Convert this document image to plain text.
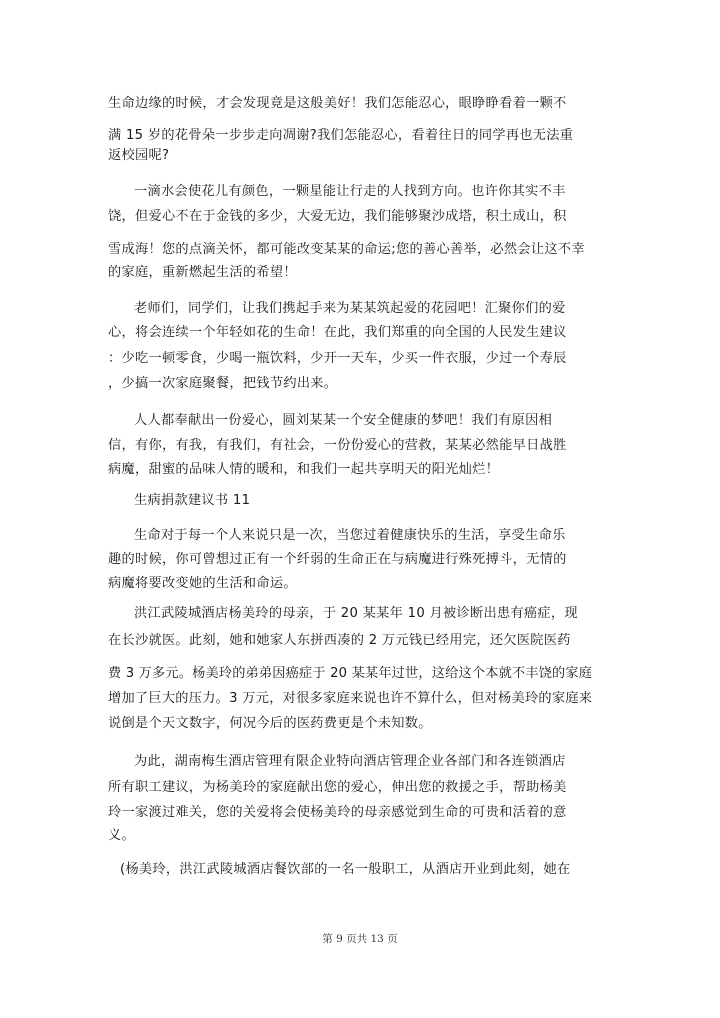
生命边缘的时候，才会发现竟是这般美好！我们怎能忍心，眼睁睁看着一颗不
满 15 岁的花骨朵一步步走向凋谢?我们怎能忍心，看着往日的同学再也无法重
返校园呢?
一滴水会使花儿有颜色，一颗星能让行走的人找到方向。也许你其实不丰
饶，但爱心不在于金钱的多少，大爱无边，我们能够聚沙成塔，积土成山，积
雪成海！您的点滴关怀，都可能改变某某的命运;您的善心善举，必然会让这不幸
的家庭，重新燃起生活的希望！
老师们，同学们，让我们携起手来为某某筑起爱的花园吧！汇聚你们的爱
心，将会连续一个年轻如花的生命！在此，我们郑重的向全国的人民发生建议
：少吃一顿零食，少喝一瓶饮料，少开一天车，少买一件衣服，少过一个寿辰
，少搞一次家庭聚餐，把钱节约出来。
人人都奉献出一份爱心，圆刘某某一个安全健康的梦吧！我们有原因相
信，有你，有我，有我们，有社会，一份份爱心的营救，某某必然能早日战胜
病魔，甜蜜的品味人情的暖和，和我们一起共享明天的阳光灿烂！
生病捐款建议书 11
生命对于每一个人来说只是一次，当您过着健康快乐的生活，享受生命乐
趣的时候，你可曾想过正有一个纤弱的生命正在与病魔进行殊死搏斗，无情的
病魔将要改变她的生活和命运。
洪江武陵城酒店杨美玲的母亲，于 20 某某年 10 月被诊断出患有癌症，现
在长沙就医。此刻，她和她家人东拼西凑的 2 万元钱已经用完，还欠医院医药
费 3 万多元。杨美玲的弟弟因癌症于 20 某某年过世，这给这个本就不丰饶的家庭
增加了巨大的压力。3 万元，对很多家庭来说也许不算什么，但对杨美玲的家庭来
说倒是个天文数字，何况今后的医药费更是个未知数。
为此，湖南梅生酒店管理有限企业特向酒店管理企业各部门和各连锁酒店
所有职工建议，为杨美玲的家庭献出您的爱心，伸出您的救援之手，帮助杨美
玲一家渡过难关，您的关爱将会使杨美玲的母亲感觉到生命的可贵和活着的意
义。
(杨美玲，洪江武陵城酒店餐饮部的一名一般职工，从酒店开业到此刻，她在
第 9 页共 13 页
